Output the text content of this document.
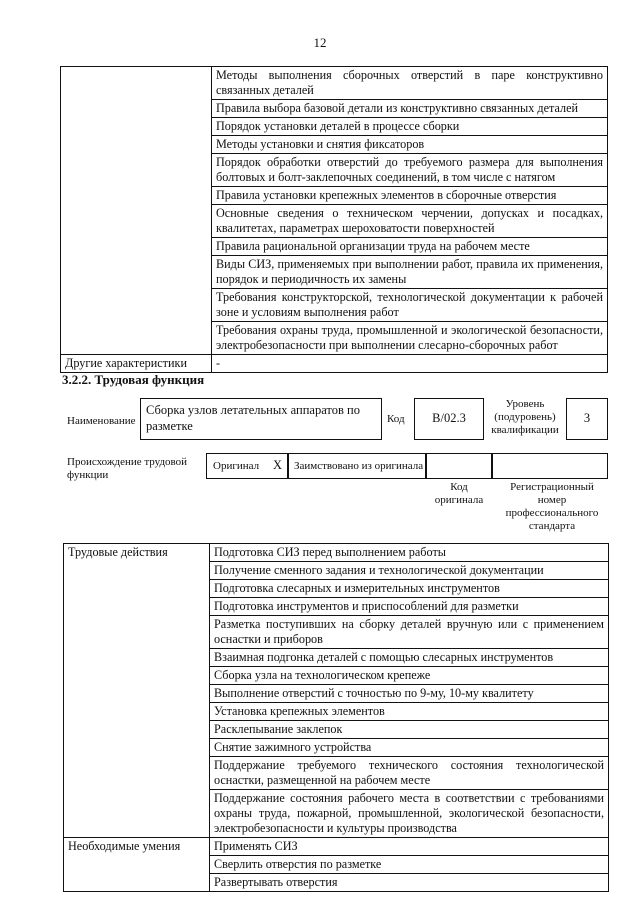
12
	Методы выполнения сборочных отверстий в паре конструктивно связанных деталей
	Правила выбора базовой детали из конструктивно связанных деталей
	Порядок установки деталей в процессе сборки
	Методы установки и снятия фиксаторов
	Порядок обработки отверстий до требуемого размера для выполнения болтовых и болт-заклепочных соединений, в том числе с натягом
	Правила установки крепежных элементов в сборочные отверстия
	Основные сведения о техническом черчении, допусках и посадках, квалитетах, параметрах шероховатости поверхностей
	Правила рациональной организации труда на рабочем месте
	Виды СИЗ, применяемых при выполнении работ, правила их применения, порядок и периодичность их замены
	Требования конструкторской, технологической документации к рабочей зоне и условиям выполнения работ
	Требования охраны труда, промышленной и экологической безопасности, электробезопасности при выполнении слесарно-сборочных работ
Другие характеристики	-
3.2.2. Трудовая функция
Наименование
Сборка узлов летательных аппаратов по разметке	Код	B/02.3
Уровень (подуровень) квалификации
3
Происхождение трудовой функции
Оригинал X Заимствовано из оригинала
Код оригинала
Регистрационный номер профессионального стандарта
Трудовые действия	Подготовка СИЗ перед выполнением работы
	Получение сменного задания и технологической документации
	Подготовка слесарных и измерительных инструментов
	Подготовка инструментов и приспособлений для разметки
	Разметка поступивших на сборку деталей вручную или с применением оснастки и приборов
	Взаимная подгонка деталей с помощью слесарных инструментов
	Сборка узла на технологическом крепеже
	Выполнение отверстий с точностью по 9-му, 10-му квалитету
	Установка крепежных элементов
	Расклепывание заклепок
	Снятие зажимного устройства
	Поддержание требуемого технического состояния технологической оснастки, размещенной на рабочем месте
	Поддержание состояния рабочего места в соответствии с требованиями охраны труда, пожарной, промышленной, экологической безопасности, электробезопасности и культуры производства
Необходимые умения	Применять СИЗ
	Сверлить отверстия по разметке
	Развертывать отверстия
